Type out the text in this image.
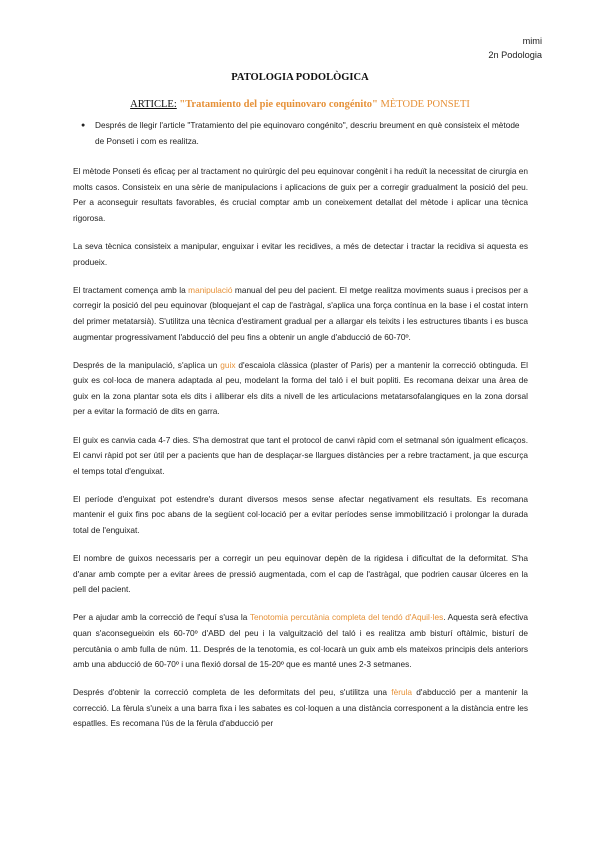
mimi
2n Podologia
PATOLOGIA PODOLÒGICA
ARTICLE: "Tratamiento del pie equinovaro congénito" MÈTODE PONSETI
● Després de llegir l'article "Tratamiento del pie equinovaro congénito", descriu breument en què consisteix el mètode de Ponseti i com es realitza.

El mètode Ponseti és eficaç per al tractament no quirúrgic del peu equinovar congènit i ha reduït la necessitat de cirurgia en molts casos. Consisteix en una sèrie de manipulacions i aplicacions de guix per a corregir gradualment la posició del peu. Per a aconseguir resultats favorables, és crucial comptar amb un coneixement detallat del mètode i aplicar una tècnica rigorosa.

La seva tècnica consisteix a manipular, enguixar i evitar les recidives, a més de detectar i tractar la recidiva si aquesta es produeix.

El tractament comença amb la manipulació manual del peu del pacient. El metge realitza moviments suaus i precisos per a corregir la posició del peu equinovar (bloquejant el cap de l'astràgal, s'aplica una força contínua en la base i el costat intern del primer metatarsià). S'utilitza una tècnica d'estirament gradual per a allargar els teixits i les estructures tibants i es busca augmentar progressivament l'abducció del peu fins a obtenir un angle d'abducció de 60-70º.

Després de la manipulació, s'aplica un guix d'escaiola clàssica (plaster of Paris) per a mantenir la correcció obtinguda. El guix es col·loca de manera adaptada al peu, modelant la forma del taló i el buit popliti. Es recomana deixar una àrea de guix en la zona plantar sota els dits i alliberar els dits a nivell de les articulacions metatarsofalangiques en la zona dorsal per a evitar la formació de dits en garra.

El guix es canvia cada 4-7 dies. S'ha demostrat que tant el protocol de canvi ràpid com el setmanal són igualment eficaços. El canvi ràpid pot ser útil per a pacients que han de desplaçar-se llargues distàncies per a rebre tractament, ja que escurça el temps total d'enguixat.

El període d'enguixat pot estendre's durant diversos mesos sense afectar negativament els resultats. Es recomana mantenir el guix fins poc abans de la següent col·locació per a evitar períodes sense immobilització i prolongar la durada total de l'enguixat.

El nombre de guixos necessaris per a corregir un peu equinovar depèn de la rigidesa i dificultat de la deformitat. S'ha d'anar amb compte per a evitar àrees de pressió augmentada, com el cap de l'astràgal, que podrien causar úlceres en la pell del pacient.

Per a ajudar amb la correcció de l'equí s'usa la Tenotomia percutània completa del tendó d'Aquil·les. Aquesta serà efectiva quan s'aconsegueixin els 60-70º d'ABD del peu i la valguització del taló i es realitza amb bisturí oftàlmic, bisturí de percutània o amb fulla de núm. 11. Després de la tenotomia, es col·locarà un guix amb els mateixos principis dels anteriors amb una abducció de 60-70º i una flexió dorsal de 15-20º que es manté unes 2-3 setmanes.

Després d'obtenir la correcció completa de les deformitats del peu, s'utilitza una fèrula d'abducció per a mantenir la correcció. La fèrula s'uneix a una barra fixa i les sabates es col·loquen a una distància corresponent a la distància entre les espatlles. Es recomana l'ús de la fèrula d'abducció per
